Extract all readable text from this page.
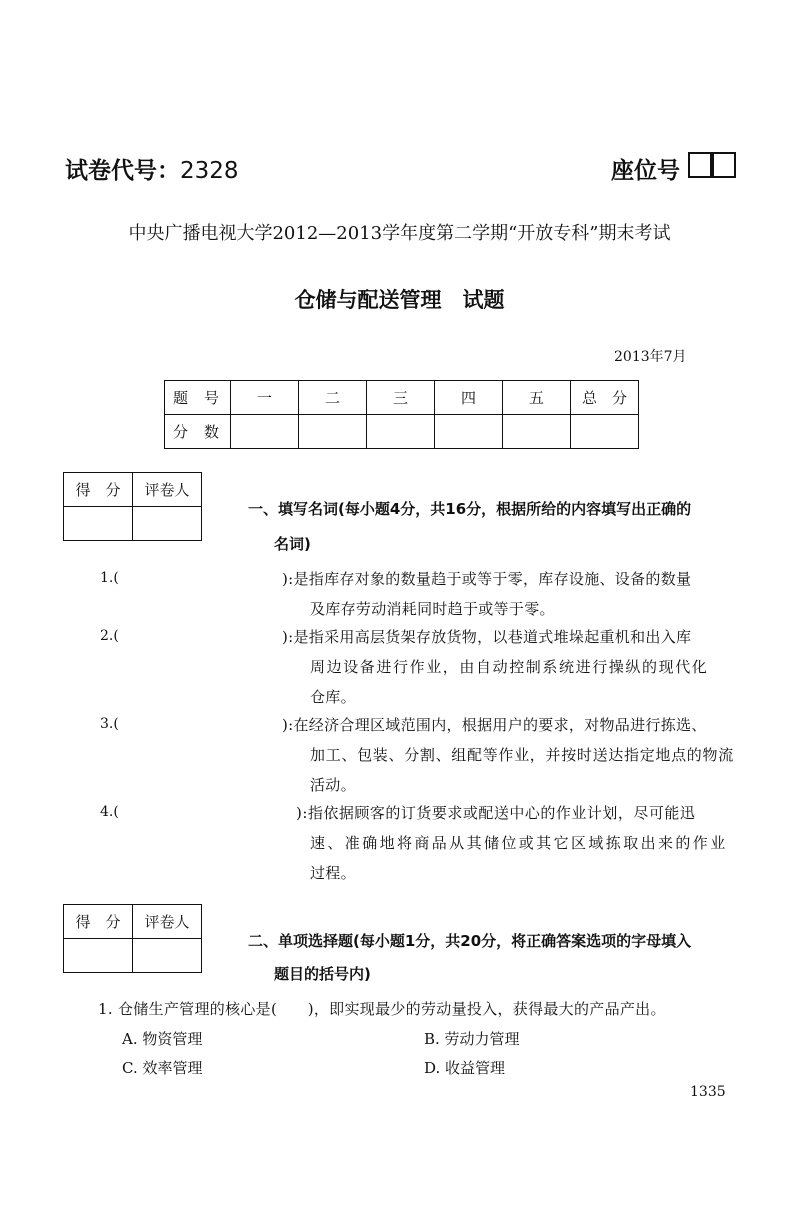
试卷代号：2328	座位号
中央广播电视大学2012—2013学年度第二学期“开放专科”期末考试
仓储与配送管理　试题
2013年7月
题　号	一	二	三	四	五	总　分
分　数						
得　分	评卷人

一、填写名词(每小题4分，共16分，根据所给的内容填写出正确的
名词)
1.(	):是指库存对象的数量趋于或等于零，库存设施、设备的数量
及库存劳动消耗同时趋于或等于零。
2.(	):是指采用高层货架存放货物，以巷道式堆垛起重机和出入库
周边设备进行作业，由自动控制系统进行操纵的现代化
仓库。
3.(	):在经济合理区域范围内，根据用户的要求，对物品进行拣选、
加工、包装、分割、组配等作业，并按时送达指定地点的物流
活动。
4.(	):指依据顾客的订货要求或配送中心的作业计划，尽可能迅
速、准确地将商品从其储位或其它区域拣取出来的作业
过程。
得　分	评卷人

二、单项选择题(每小题1分，共20分，将正确答案选项的字母填入
题目的括号内)
1. 仓储生产管理的核心是(　　)，即实现最少的劳动量投入，获得最大的产品产出。
A. 物资管理	B. 劳动力管理
C. 效率管理	D. 收益管理
1335
